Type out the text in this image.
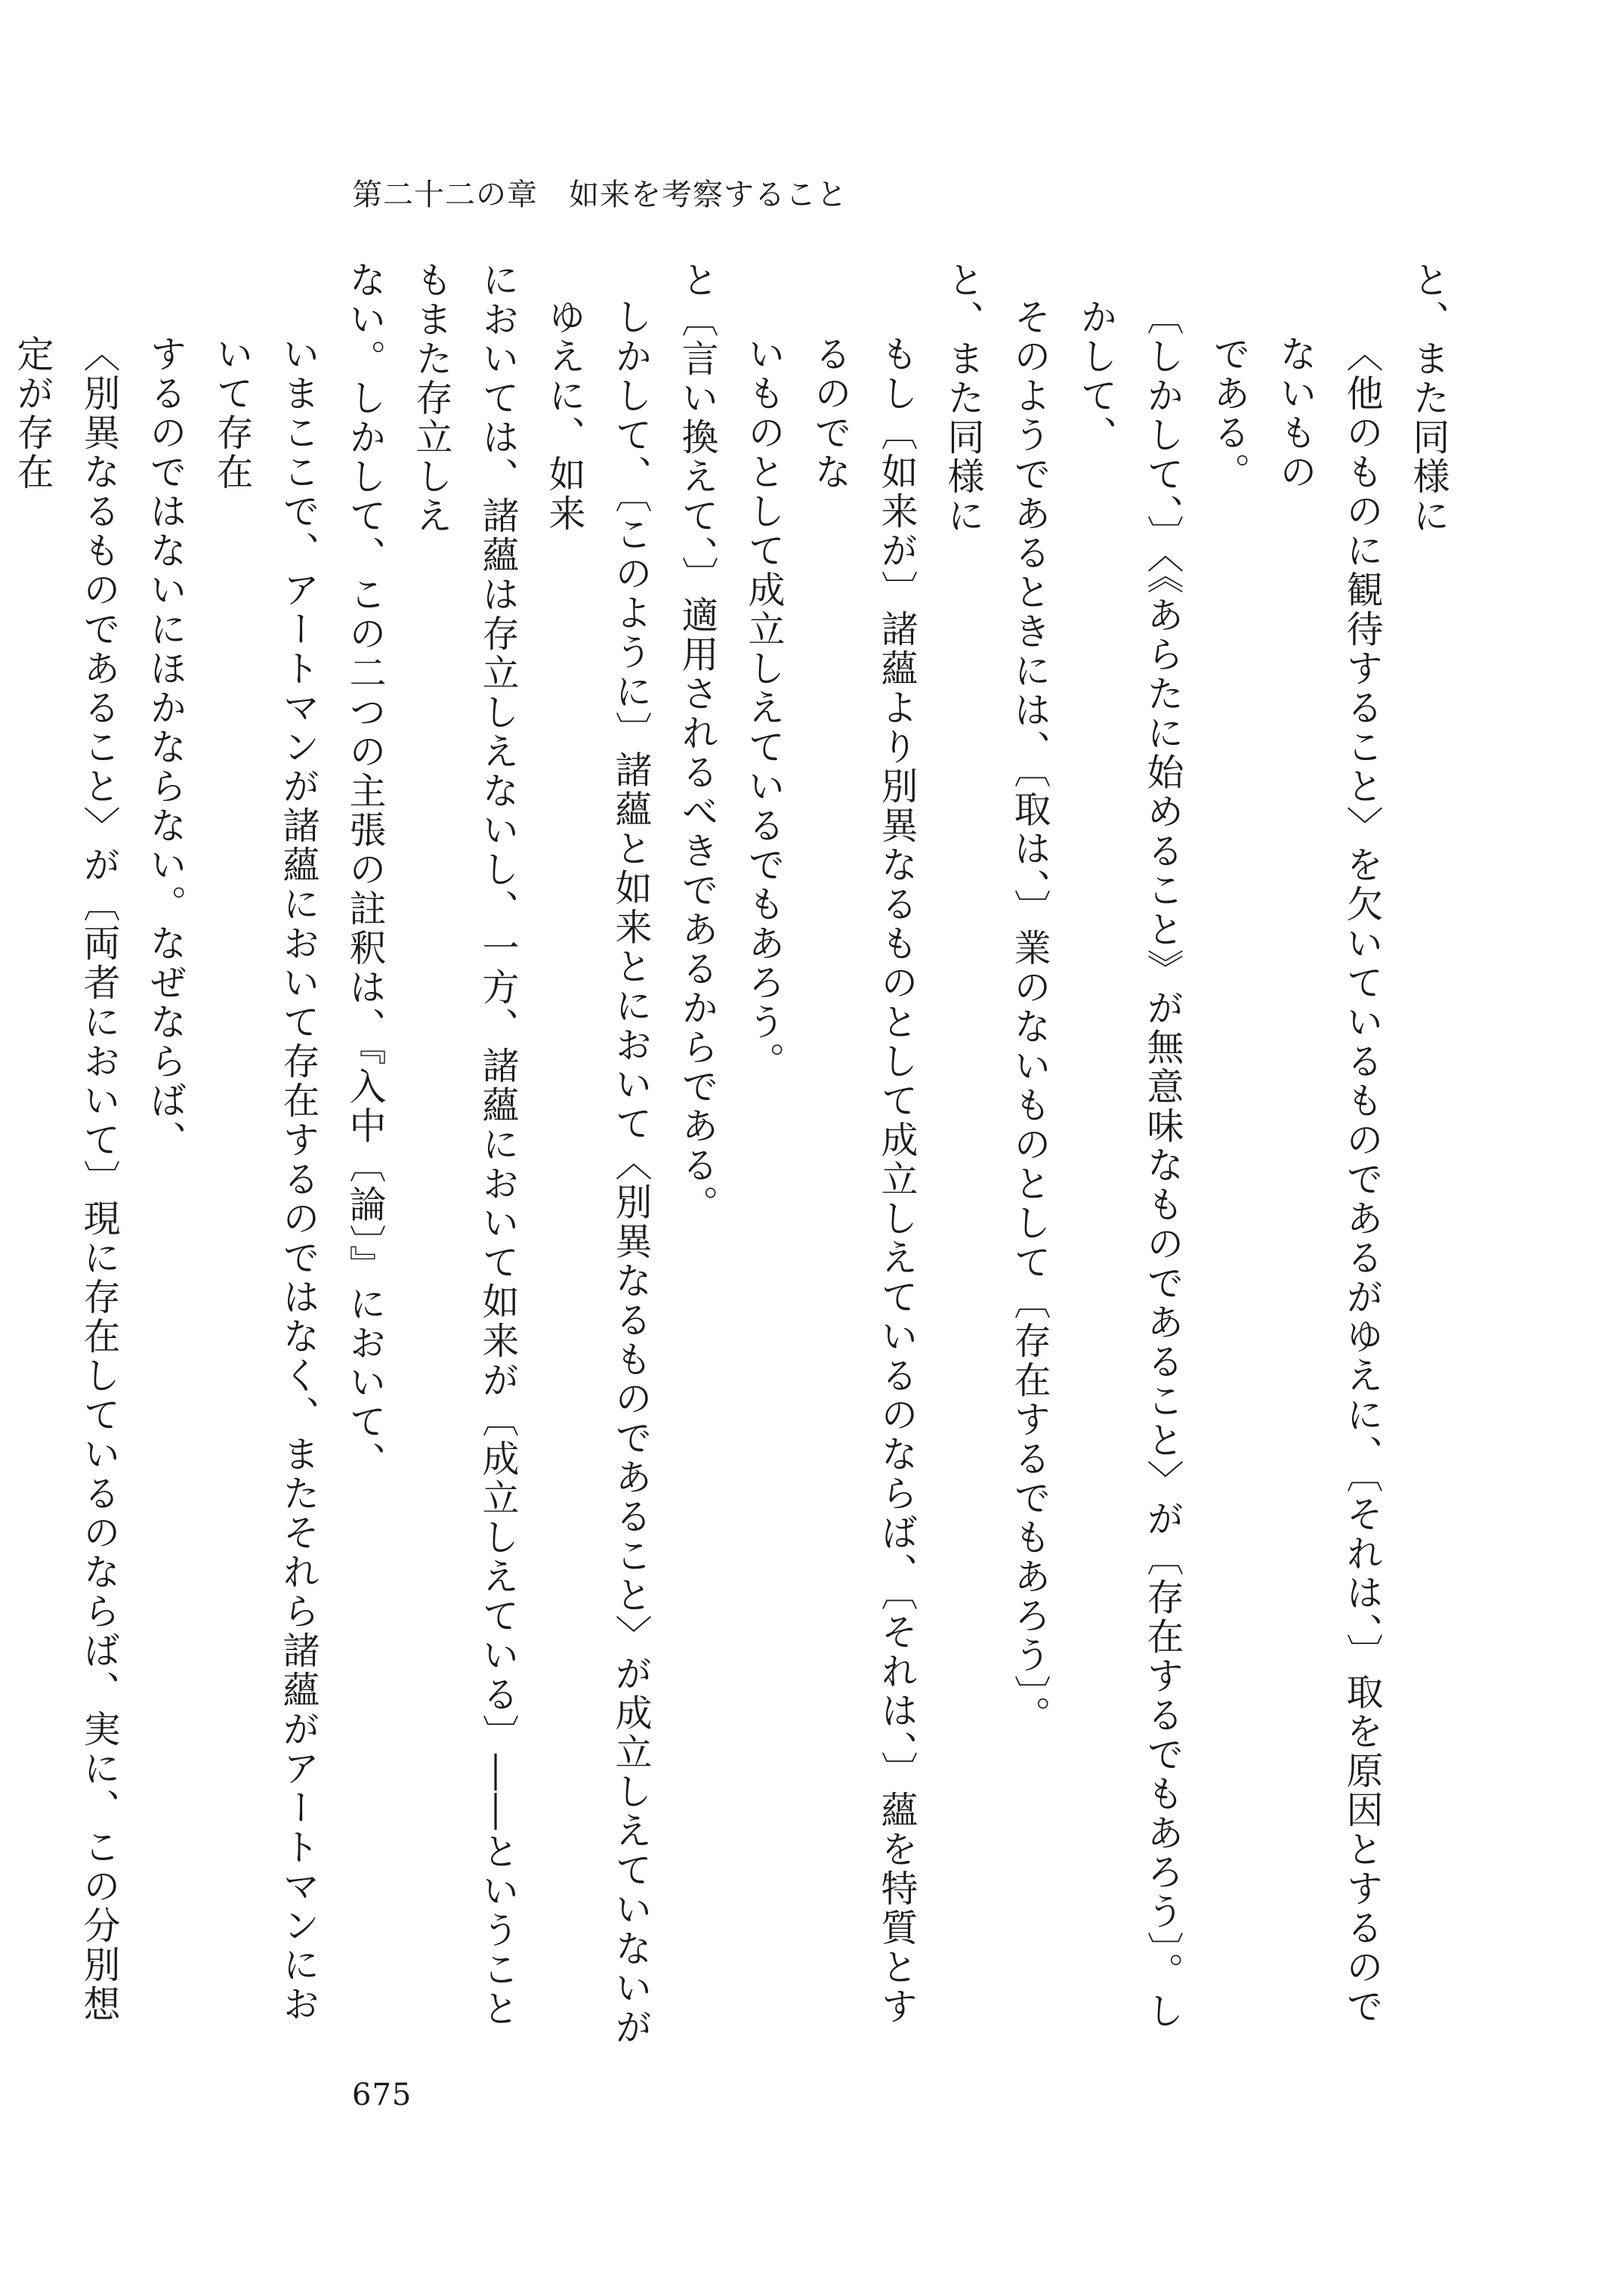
第二十二の章　如来を考察すること

と、また同様に

〈他のものに観待すること〉を欠いているものであるがゆえに、〔それは、〕取を原因とするのでないもの

である。

〔しかして、〕〈《あらたに始めること》が無意味なものであること〉が〔存在するでもあろう〕。しかして、

そのようであるときには、〔取は、〕業のないものとして〔存在するでもあろう〕。

と、また同様に

もし〔如来が〕諸蘊より別異なるものとして成立しえているのならば、〔それは、〕蘊を特質とするのでな

いものとして成立しえているでもあろう。

と〔言い換えて、〕適用されるべきであるからである。

しかして、〔このように〕諸蘊と如来とにおいて〈別異なるものであること〉が成立しえていないがゆえに、如来

においては、諸蘊は存立しえないし、一方、諸蘊において如来が〔成立しえている〕――ということもまた存立しえ

ない。しかして、この二つの主張の註釈は、『入中〔論〕』において、

いまここで、アートマンが諸蘊において存在するのではなく、またそれら諸蘊がアートマンにおいて存在

するのではないにほかならない。なぜならば、

〈別異なるものであること〉が〔両者において〕現に存在しているのならば、実に、この分別想定が存在

675
